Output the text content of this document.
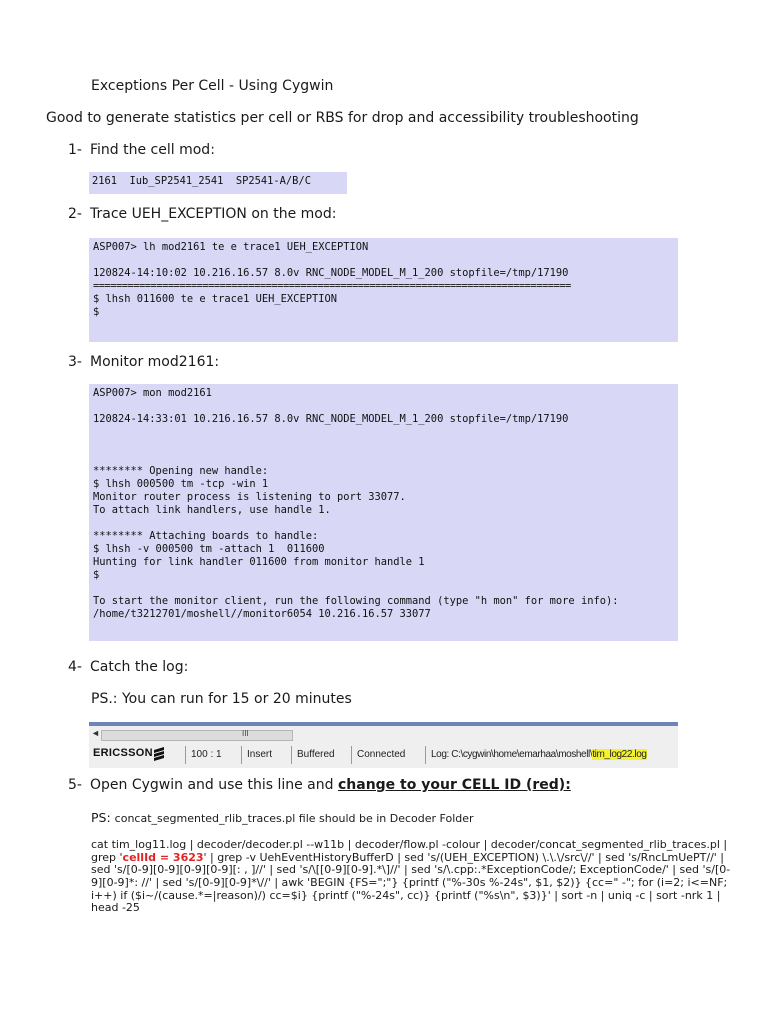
Exceptions Per Cell - Using Cygwin
Good to generate statistics per cell or RBS for drop and accessibility troubleshooting
1- Find the cell mod:
2161  Iub_SP2541_2541  SP2541-A/B/C
2- Trace UEH_EXCEPTION on the mod:
ASP007> lh mod2161 te e trace1 UEH_EXCEPTION
120824-14:10:02 10.216.16.57 8.0v RNC_NODE_MODEL_M_1_200 stopfile=/tmp/17190
===================================================================================
$ lhsh 011600 te e trace1 UEH_EXCEPTION
$
3- Monitor mod2161:
ASP007> mon mod2161
120824-14:33:01 10.216.16.57 8.0v RNC_NODE_MODEL_M_1_200 stopfile=/tmp/17190
******** Opening new handle:
$ lhsh 000500 tm -tcp -win 1
Monitor router process is listening to port 33077.
To attach link handlers, use handle 1.
******** Attaching boards to handle:
$ lhsh -v 000500 tm -attach 1  011600
Hunting for link handler 011600 from monitor handle 1
$
To start the monitor client, run the following command (type "h mon" for more info):
/home/t3212701/moshell//monitor6054 10.216.16.57 33077
4- Catch the log:
PS.: You can run for 15 or 20 minutes
◄	III
ERICSSON	100 : 1	Insert	Buffered	Connected	Log: C:\cygwin\home\emarhaa\moshell\tim_log22.log
5- Open Cygwin and use this line and change to your CELL ID (red):
PS: concat_segmented_rlib_traces.pl file should be in Decoder Folder
cat tim_log11.log | decoder/decoder.pl --w11b | decoder/flow.pl -colour | decoder/concat_segmented_rlib_traces.pl | grep 'cellId = 3623' | grep -v UehEventHistoryBufferD | sed 's/(UEH_EXCEPTION) \.\.\/src\//' | sed 's/RncLmUePT//' | sed 's/[0-9][0-9][0-9][0-9][: , ]//' | sed 's/\[[0-9][0-9].*\]//' | sed 's/\.cpp:.*ExceptionCode/; ExceptionCode/' | sed 's/[0-9][0-9]*: //' | sed 's/[0-9][0-9]*\//' | awk 'BEGIN {FS=";"} {printf ("%-30s %-24s", $1, $2)} {cc=" -"; for (i=2; i<=NF; i++) if ($i~/(cause.*=|reason)/) cc=$i} {printf ("%-24s", cc)} {printf ("%s\n", $3)}' | sort -n | uniq -c | sort -nrk 1 | head -25
